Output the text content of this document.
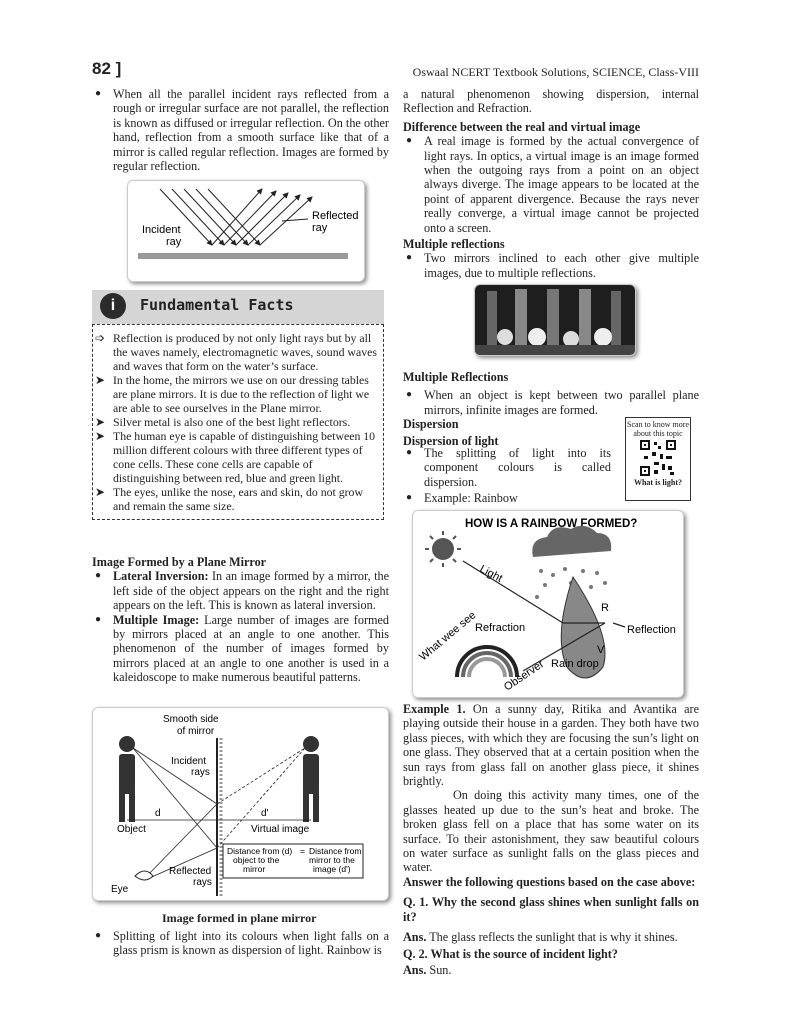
82 ]	Oswaal NCERT Textbook Solutions, SCIENCE, Class-VIII

● When all the parallel incident rays reflected from a rough or irregular surface are not parallel, the reflection is known as diffused or irregular reflection. On the other hand, reflection from a smooth surface like that of a mirror is called regular reflection. Images are formed by regular reflection.

Incident
ray
Reflected
ray
i	Fundamental Facts

➩ Reflection is produced by not only light rays but by all the waves namely, electromagnetic waves, sound waves and waves that form on the water’s surface.

➤ In the home, the mirrors we use on our dressing tables are plane mirrors. It is due to the reflection of light we are able to see ourselves in the Plane mirror.

➤ Silver metal is also one of the best light reflectors.

➤ The human eye is capable of distinguishing between 10 million different colours with three different types of cone cells. These cone cells are capable of distinguishing between red, blue and green light.

➤ The eyes, unlike the nose, ears and skin, do not grow and remain the same size.

Image Formed by a Plane Mirror

● Lateral Inversion: In an image formed by a mirror, the left side of the object appears on the right and the right appears on the left. This is known as lateral inversion.

● Multiple Image: Large number of images are formed by mirrors placed at an angle to one another. This phenomenon of the number of images formed by mirrors placed at an angle to one another is used in a kaleidoscope to make numerous beautiful patterns.

Smooth side
of mirror
Incident
rays
d	d'
Object	Virtual image
Distance from (d)
object to the
mirror
= Distance from
mirror to the
image (d')
Reflected
rays
Eye
Image formed in plane mirror

● Splitting of light into its colours when light falls on a glass prism is known as dispersion of light. Rainbow is

a natural phenomenon showing dispersion, internal Reflection and Refraction.

Difference between the real and virtual image

● A real image is formed by the actual convergence of light rays. In optics, a virtual image is an image formed when the outgoing rays from a point on an object always diverge. The image appears to be located at the point of apparent divergence. Because the rays never really converge, a virtual image cannot be projected onto a screen.

Multiple reflections

● Two mirrors inclined to each other give multiple images, due to multiple reflections.

Multiple Reflections

● When an object is kept between two parallel plane mirrors, infinite images are formed.

Dispersion

Dispersion of light

● The splitting of light into its component colours is called dispersion.

● Example: Rainbow

Scan to know more about this topic
What is light?
HOW IS A RAINBOW FORMED?
Light
Refraction
R
Reflection
V
Rain drop
What wee see
Observer

Example 1. On a sunny day, Ritika and Avantika are playing outside their house in a garden. They both have two glass pieces, with which they are focusing the sun’s light on one glass. They observed that at a certain position when the sun rays from glass fall on another glass piece, it shines brightly.

On doing this activity many times, one of the glasses heated up due to the sun’s heat and broke. The broken glass fell on a place that has some water on its surface. To their astonishment, they saw beautiful colours on water surface as sunlight falls on the glass pieces and water.

Answer the following questions based on the case above:

Q. 1. Why the second glass shines when sunlight falls on it?

Ans. The glass reflects the sunlight that is why it shines.

Q. 2. What is the source of incident light?

Ans. Sun.
